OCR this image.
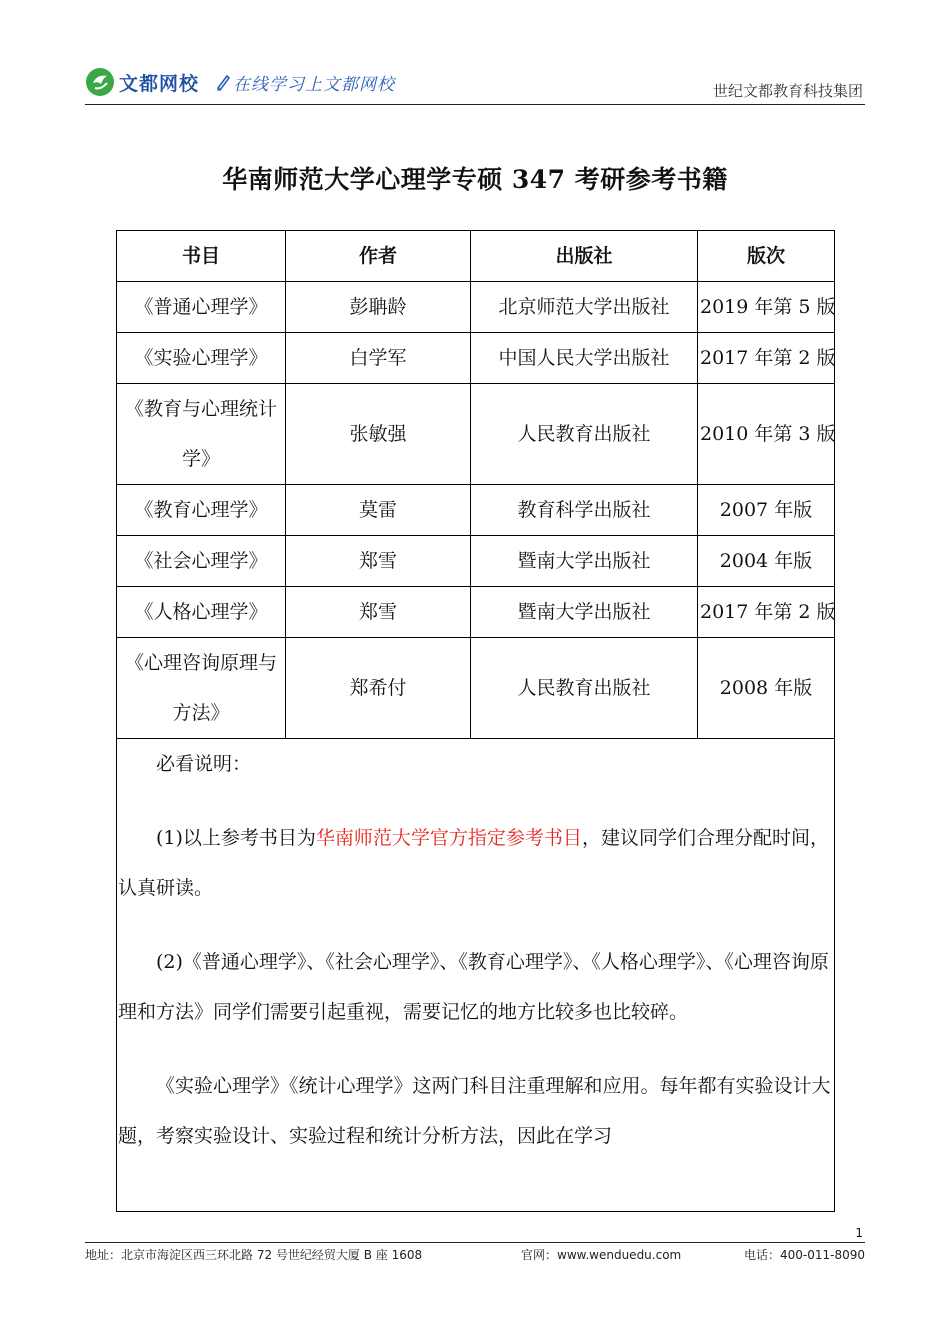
文都网校 在线学习上文都网校	世纪文都教育科技集团
华南师范大学心理学专硕 347 考研参考书籍
书目	作者	出版社	版次
《普通心理学》	彭聃龄	北京师范大学出版社	2019 年第 5 版
《实验心理学》	白学军	中国人民大学出版社	2017 年第 2 版
《教育与心理统计学》	张敏强	人民教育出版社	2010 年第 3 版
《教育心理学》	莫雷	教育科学出版社	2007 年版
《社会心理学》	郑雪	暨南大学出版社	2004 年版
《人格心理学》	郑雪	暨南大学出版社	2017 年第 2 版
《心理咨询原理与方法》	郑希付	人民教育出版社	2008 年版

必看说明：

(1)以上参考书目为华南师范大学官方指定参考书目，建议同学们合理分配时间，认真研读。

(2)《普通心理学》、《社会心理学》、《教育心理学》、《人格心理学》、《心理咨询原理和方法》同学们需要引起重视，需要记忆的地方比较多也比较碎。

《实验心理学》《统计心理学》这两门科目注重理解和应用。每年都有实验设计大题，考察实验设计、实验过程和统计分析方法，因此在学习			

1
地址：北京市海淀区西三环北路 72 号世纪经贸大厦 B 座 1608	官网：www.wenduedu.com	电话：400-011-8090
